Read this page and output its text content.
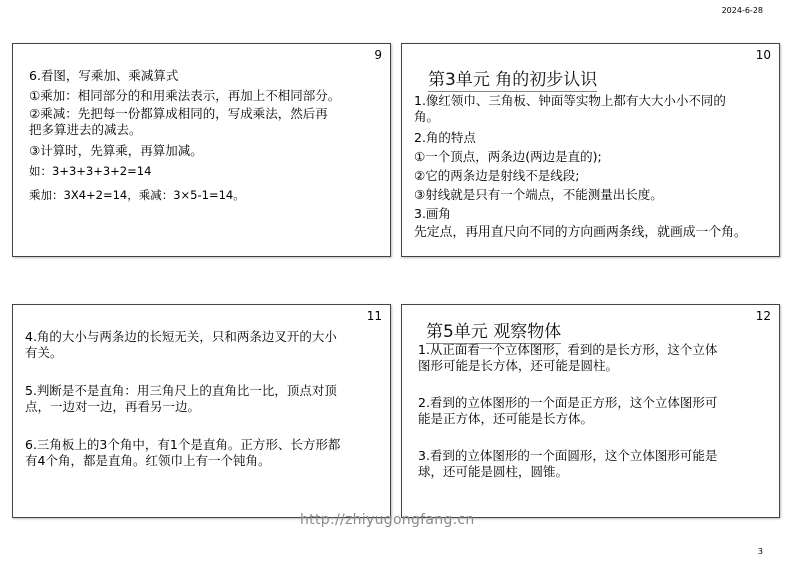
2024-6-28
9

6.看图，写乘加、乘减算式

①乘加：相同部分的和用乘法表示，再加上不相同部分。

②乘减：先把每一份都算成相同的，写成乘法，然后再

把多算进去的减去。

③计算时，先算乘，再算加减。

如：3+3+3+3+2=14

乘加：3X4+2=14，乘减：3×5-1=14。

10
第3单元 角的初步认识

1.像红领巾、三角板、钟面等实物上都有大大小小不同的

角。

2.角的特点

①一个顶点，两条边(两边是直的);

②它的两条边是射线不是线段;

③射线就是只有一个端点，不能测量出长度。

3.画角

先定点，再用直尺向不同的方向画两条线，就画成一个角。

11

4.角的大小与两条边的长短无关，只和两条边叉开的大小

有关。

5.判断是不是直角：用三角尺上的直角比一比，顶点对顶

点，一边对一边，再看另一边。

6.三角板上的3个角中，有1个是直角。正方形、长方形都

有4个角，都是直角。红领巾上有一个钝角。

12
第5单元 观察物体

1.从正面看一个立体图形，看到的是长方形，这个立体

图形可能是长方体，还可能是圆柱。

2.看到的立体图形的一个面是正方形，这个立体图形可

能是正方体，还可能是长方体。

3.看到的立体图形的一个面圆形，这个立体图形可能是

球，还可能是圆柱，圆锥。

http://zhiyugongfang.cn
3
